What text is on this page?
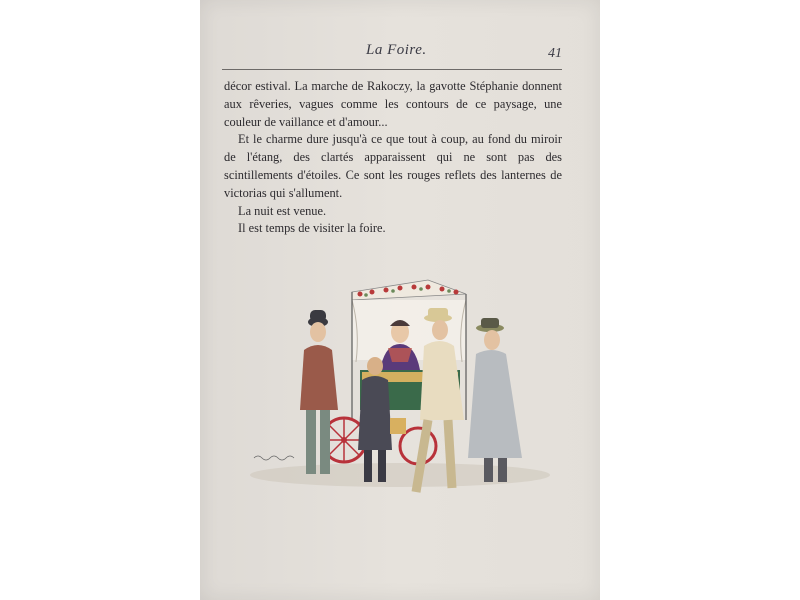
La Foire.	41

décor estival. La marche de Rakoczy, la gavotte Stéphanie donnent aux rêveries, vagues comme les contours de ce paysage, une couleur de vaillance et d'amour...

Et le charme dure jusqu'à ce que tout à coup, au fond du miroir de l'étang, des clartés apparaissent qui ne sont pas des scintillements d'étoiles. Ce sont les rouges reflets des lanternes de victorias qui s'allument.

La nuit est venue.

Il est temps de visiter la foire.
